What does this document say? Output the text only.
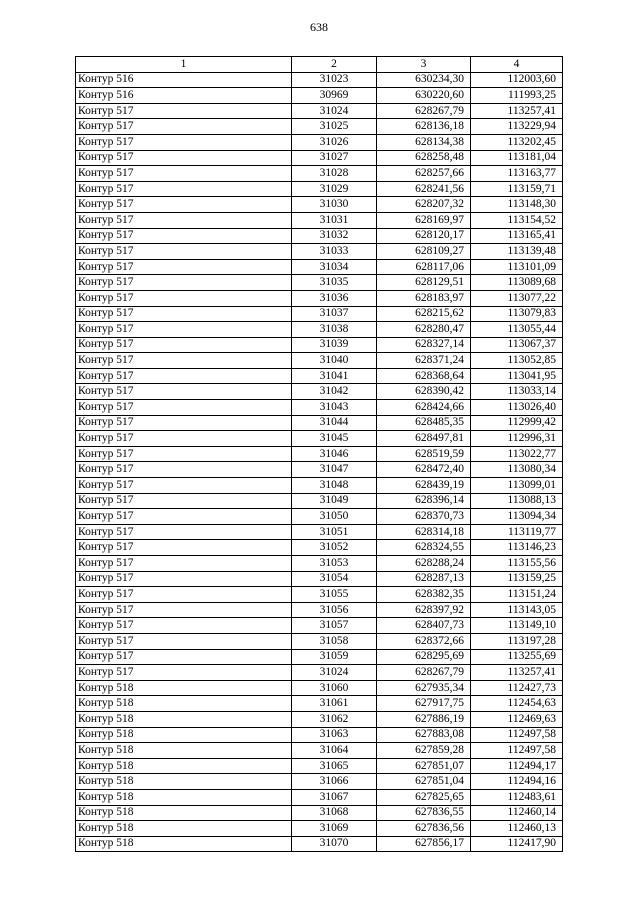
638
1	2	3	4
Контур 516	31023	630234,30	112003,60
Контур 516	30969	630220,60	111993,25
Контур 517	31024	628267,79	113257,41
Контур 517	31025	628136,18	113229,94
Контур 517	31026	628134,38	113202,45
Контур 517	31027	628258,48	113181,04
Контур 517	31028	628257,66	113163,77
Контур 517	31029	628241,56	113159,71
Контур 517	31030	628207,32	113148,30
Контур 517	31031	628169,97	113154,52
Контур 517	31032	628120,17	113165,41
Контур 517	31033	628109,27	113139,48
Контур 517	31034	628117,06	113101,09
Контур 517	31035	628129,51	113089,68
Контур 517	31036	628183,97	113077,22
Контур 517	31037	628215,62	113079,83
Контур 517	31038	628280,47	113055,44
Контур 517	31039	628327,14	113067,37
Контур 517	31040	628371,24	113052,85
Контур 517	31041	628368,64	113041,95
Контур 517	31042	628390,42	113033,14
Контур 517	31043	628424,66	113026,40
Контур 517	31044	628485,35	112999,42
Контур 517	31045	628497,81	112996,31
Контур 517	31046	628519,59	113022,77
Контур 517	31047	628472,40	113080,34
Контур 517	31048	628439,19	113099,01
Контур 517	31049	628396,14	113088,13
Контур 517	31050	628370,73	113094,34
Контур 517	31051	628314,18	113119,77
Контур 517	31052	628324,55	113146,23
Контур 517	31053	628288,24	113155,56
Контур 517	31054	628287,13	113159,25
Контур 517	31055	628382,35	113151,24
Контур 517	31056	628397,92	113143,05
Контур 517	31057	628407,73	113149,10
Контур 517	31058	628372,66	113197,28
Контур 517	31059	628295,69	113255,69
Контур 517	31024	628267,79	113257,41
Контур 518	31060	627935,34	112427,73
Контур 518	31061	627917,75	112454,63
Контур 518	31062	627886,19	112469,63
Контур 518	31063	627883,08	112497,58
Контур 518	31064	627859,28	112497,58
Контур 518	31065	627851,07	112494,17
Контур 518	31066	627851,04	112494,16
Контур 518	31067	627825,65	112483,61
Контур 518	31068	627836,55	112460,14
Контур 518	31069	627836,56	112460,13
Контур 518	31070	627856,17	112417,90
